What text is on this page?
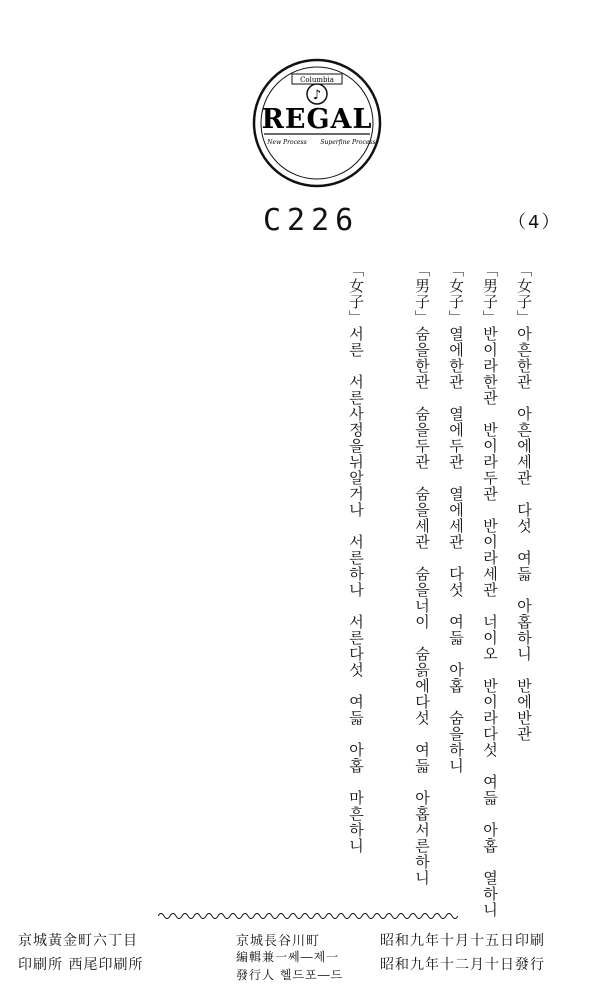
Columbia
♪
REGAL
New Process Superfine Process
C226	（4）
「女子」아흔한관　아흔에세관　다섯　여듧　아홉하니　반에반관
「男子」반이라한관　반이라두관　반이라세관　너이오　반이라다섯　여듧　아홉　열하니
「女子」열에한관　열에두관　열에세관　다섯　여듧　아홉　숨을하니
「男子」숨을한관　숨을두관　숨을세관　숨을너이　숨읅에다섯　여듧　아홉서른하니
「女子」서른　서른사정을뉘알거나　서른하나　서른다섯　여듧　아홉　마흔하니
昭和九年十月十五日印刷
昭和九年十二月十日發行
京城長谷川町
編輯兼一쎄―제一
發行人 헬드포―드
京城黃金町六丁目
印刷所 西尾印刷所
